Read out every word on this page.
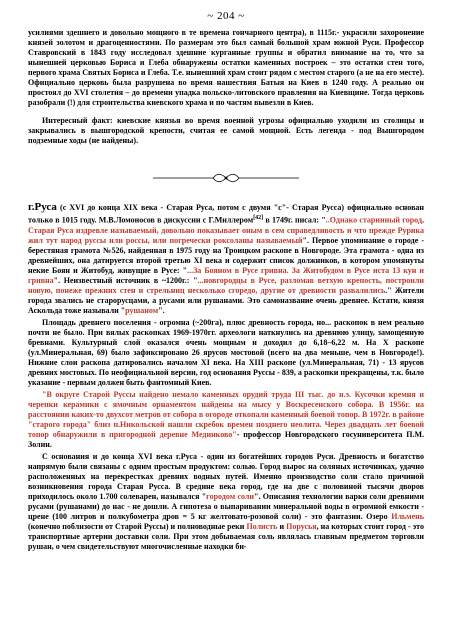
~ 204 ~

усилиями здешнего и довольно мощного в те времена гончарного центра), в 1115г.- украсили захоронение князей золотом и драгоценностями. По размерам это был самый большой храм южной Руси. Профессор Ставровский в 1843 году исследовал здешние курганные группы и обратил внимание на то, что за нынешней церковью Бориса и Глеба обнаружены остатки каменных построек – это остатки стен того, первого храма Святых Бориса и Глеба. Т.е. нынешний храм стоит рядом с местом старого (а не на его месте). Официально церковь была разрушена во время нашествия Батыя на Киев в 1240 году. А реально он простоял до XVI столетия – до времени упадка польско-литовского правления на Киевщине. Тогда церковь разобрали (!) для строительства киевского храма и по частям вывезли в Киев.

Интересный факт: киевские князья во время военной угрозы официально уходили из столицы и закрывались в вышгородской крепости, считая ее самой мощной. Есть легенда - под Вышгородом подземные ходы (не найдены).

г.Руса (с XVI до конца XIX века - Старая Руса, потом с двумя "с"- Старая Русса) официально основан только в 1015 году. М.В.Ломоносов в дискуссии с Г.Миллером[42] в 1749г. писал: "..Однако старинный город, Старая Руса издревле называемый, довольно показывает оным в сем справедливость и что прежде Рурика жил тут народ руссы или россы, или погречески роксоланы называемый". Первое упоминание о городе - берестяная грамота №526, найденная в 1975 году на Троицком раскопе в Новгороде. Эта грамота - одна из древнейших, она датируется второй третью XI века и содержит список должников, в котором упомянуты некие Боян и Житобуд, живущие в Русе: "...За Бояном в Русе гривна. За Житобудом в Русе иста 13 кун и гривна". Неизвестный источник в ~1200г.: "...новгородцы в Русе, разломав ветхую крепость, построили новую, понеже прежних стен и стрельниц несколько сгоредо, другие от древности развалились." Жители города звались не старорусцами, а русами или рушанами. Это самоназвание очень древнее. Кстати, князя Аскольда тоже называли "рушаном".

Площадь древнего поселения - огромна (~200га), плюс древность города, но... раскопок в нем реально почти не было. При вялых раскопках 1969-1970гг. археологи наткнулись на древнюю улицу, замощенную бревнами. Культурный слой оказался очень мощным и доходил до 6,18–6,22 м. На Х раскопе (ул.Минеральная, 69) было зафиксировано 26 ярусов мостовой (всего на два меньше, чем в Новгороде!). Нижние слои раскопа датировались началом XI века. На XIII раскопе (ул.Минеральная, 71) - 13 ярусов древних мостовых. По неофициальной версии, год основания Руссы - 839, а раскопки прекращены, т.к. было указание - первым должен быть фантомный Киев.

"В округе Старой Руссы найдено немало каменных орудий труда III тыс. до н.э. Кусочки кремня и черепки керамики с ямочным орнаментом найдены на мысу у Воскресенского собора. В 1956г. на расстоянии каких-то двухсот метров от собора в огороде откопали каменный боевой топор. В 1972г. в районе "старого города" близ п.Никольской нашли скребок времен позднего неолита. Через двадцать лет боевой топор обнаружили в пригородной деревне Мединково"- профессор Новгородского госуниверситета П.М. Золин.

С основания и до конца XVI века г.Руса - один из богатейших городов Руси. Древность и богатство напрямую были связаны с одним простым продуктом: солью. Город вырос на соляных источниках, удачно расположенных на перекрестках древних водных путей. Именно производство соли стало причиной возникновения города Старая Русса. В средине века город, где на две с половиной тысячи дворов приходилось около 1.700 солеварен, назывался "городом соли". Описания технологии варки соли древними русами (рушанами) до нас - не дошли. А гипотеза о выпаривании минеральной воды в огромной емкости - црене (100 литров и полкубометра дров = 5 кг желтовато-розовой соли) - это фантазии. Озеро Ильмень (конечно поблизости от Старой Руссы) и полноводные реки Полисть и Порусья, на которых стоит город - это транспортные артерии доставки соли. При этом добываемая соль являлась главным предметом торговли рушан, о чем свидетельствуют многочисленные находки би-
